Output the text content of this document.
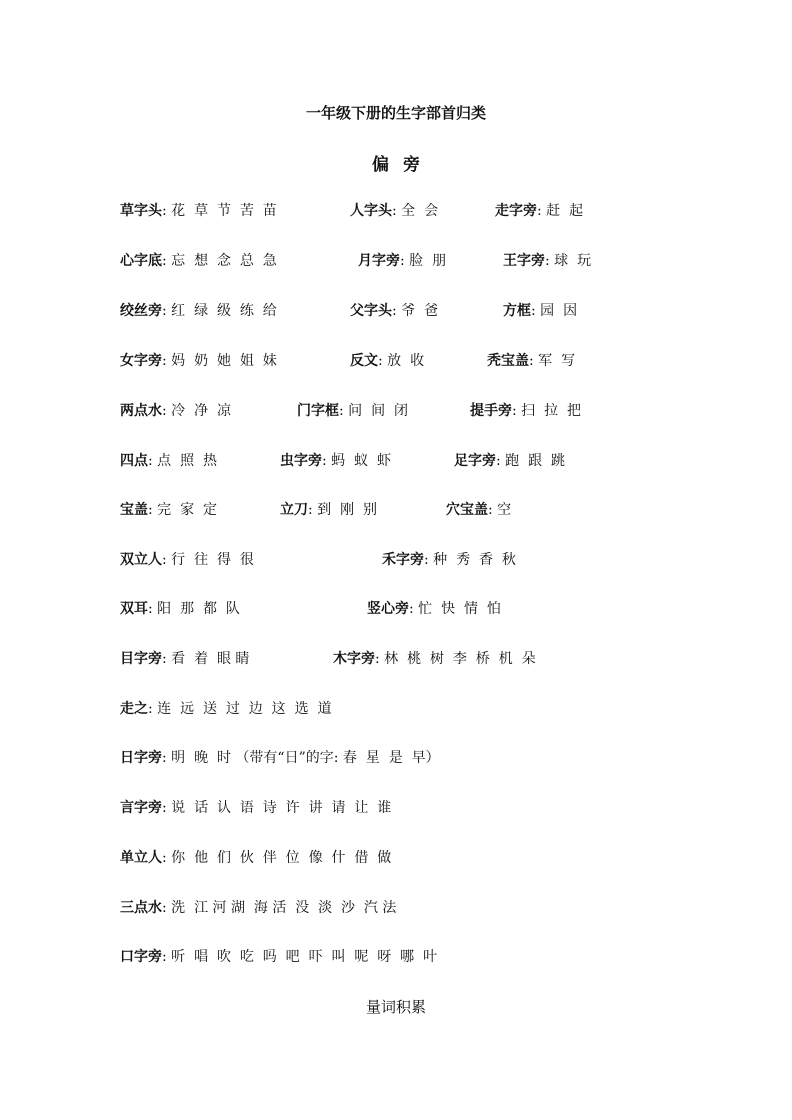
一年级下册的生字部首归类
偏旁
草字头: 花  草  节  苦  苗	人字头: 全  会	走字旁: 赶  起
心字底: 忘  想  念  总  急	月字旁: 脸  朋	王字旁: 球  玩
绞丝旁: 红  绿  级  练  给	父字头: 爷  爸	方框: 园  因
女字旁: 妈  奶  她  姐  妹	反文: 放  收	秃宝盖: 军  写
两点水: 冷  净  凉	门字框: 问  间  闭	提手旁: 扫  拉  把
四点: 点  照  热	虫字旁: 蚂  蚁  虾	足字旁: 跑  跟  跳
宝盖: 完  家  定	立刀: 到  刚  别	穴宝盖: 空
双立人: 行  往  得  很	禾字旁: 种  秀  香  秋
双耳: 阳  那  都  队	竖心旁: 忙  快  情  怕
目字旁: 看  着  眼 睛	木字旁: 林  桃  树  李  桥  机  朵
走之: 连  远  送  过  边  这  选  道
日字旁: 明  晚  时 （带有“日”的字: 春  星  是  早）
言字旁: 说  话  认  语  诗  许  讲  请  让  谁
单立人: 你  他  们  伙  伴  位  像  什  借  做
三点水: 洗  江 河 湖  海 活  没  淡  沙  汽 法
口字旁: 听  唱  吹  吃  吗  吧  吓  叫  呢  呀  哪  叶
量词积累
